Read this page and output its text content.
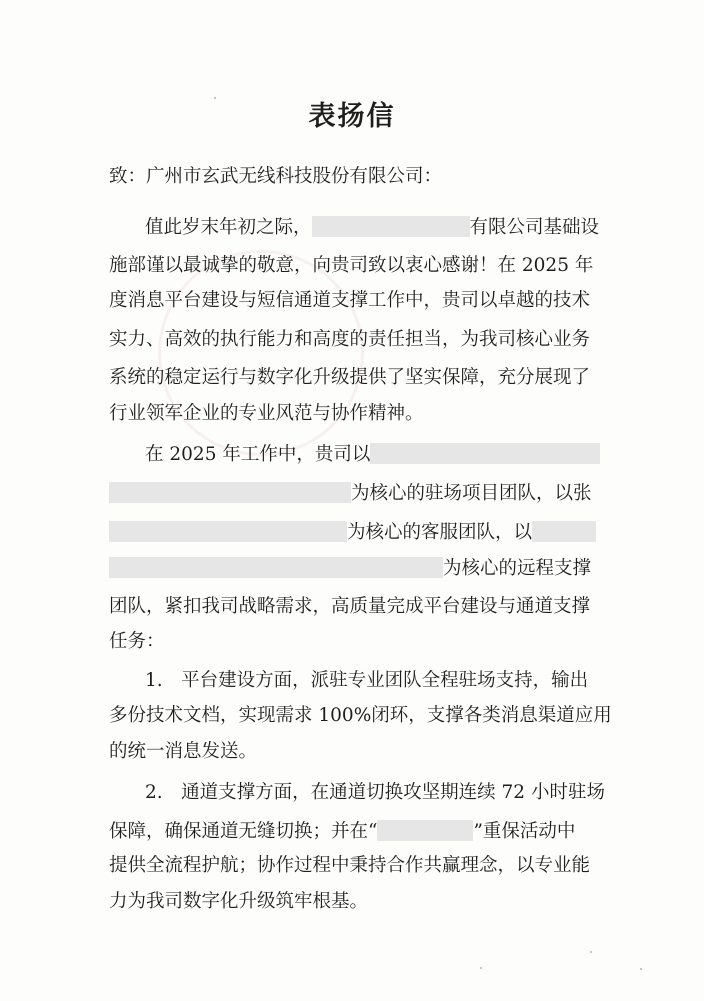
表扬信
致：广州市玄武无线科技股份有限公司：
值此岁末年初之际，	有限公司基础设
施部谨以最诚挚的敬意，向贵司致以衷心感谢！在 2025 年
度消息平台建设与短信通道支撑工作中，贵司以卓越的技术
实力、高效的执行能力和高度的责任担当，为我司核心业务
系统的稳定运行与数字化升级提供了坚实保障，充分展现了
行业领军企业的专业风范与协作精神。
在 2025 年工作中，贵司以
为核心的驻场项目团队，以张
为核心的客服团队，以
为核心的远程支撑
团队，紧扣我司战略需求，高质量完成平台建设与通道支撑
任务：
1.　平台建设方面，派驻专业团队全程驻场支持，输出
多份技术文档，实现需求 100%闭环，支撑各类消息渠道应用
的统一消息发送。
2.　通道支撑方面，在通道切换攻坚期连续 72 小时驻场
保障，确保通道无缝切换；并在“	”重保活动中
提供全流程护航；协作过程中秉持合作共赢理念，以专业能
力为我司数字化升级筑牢根基。
